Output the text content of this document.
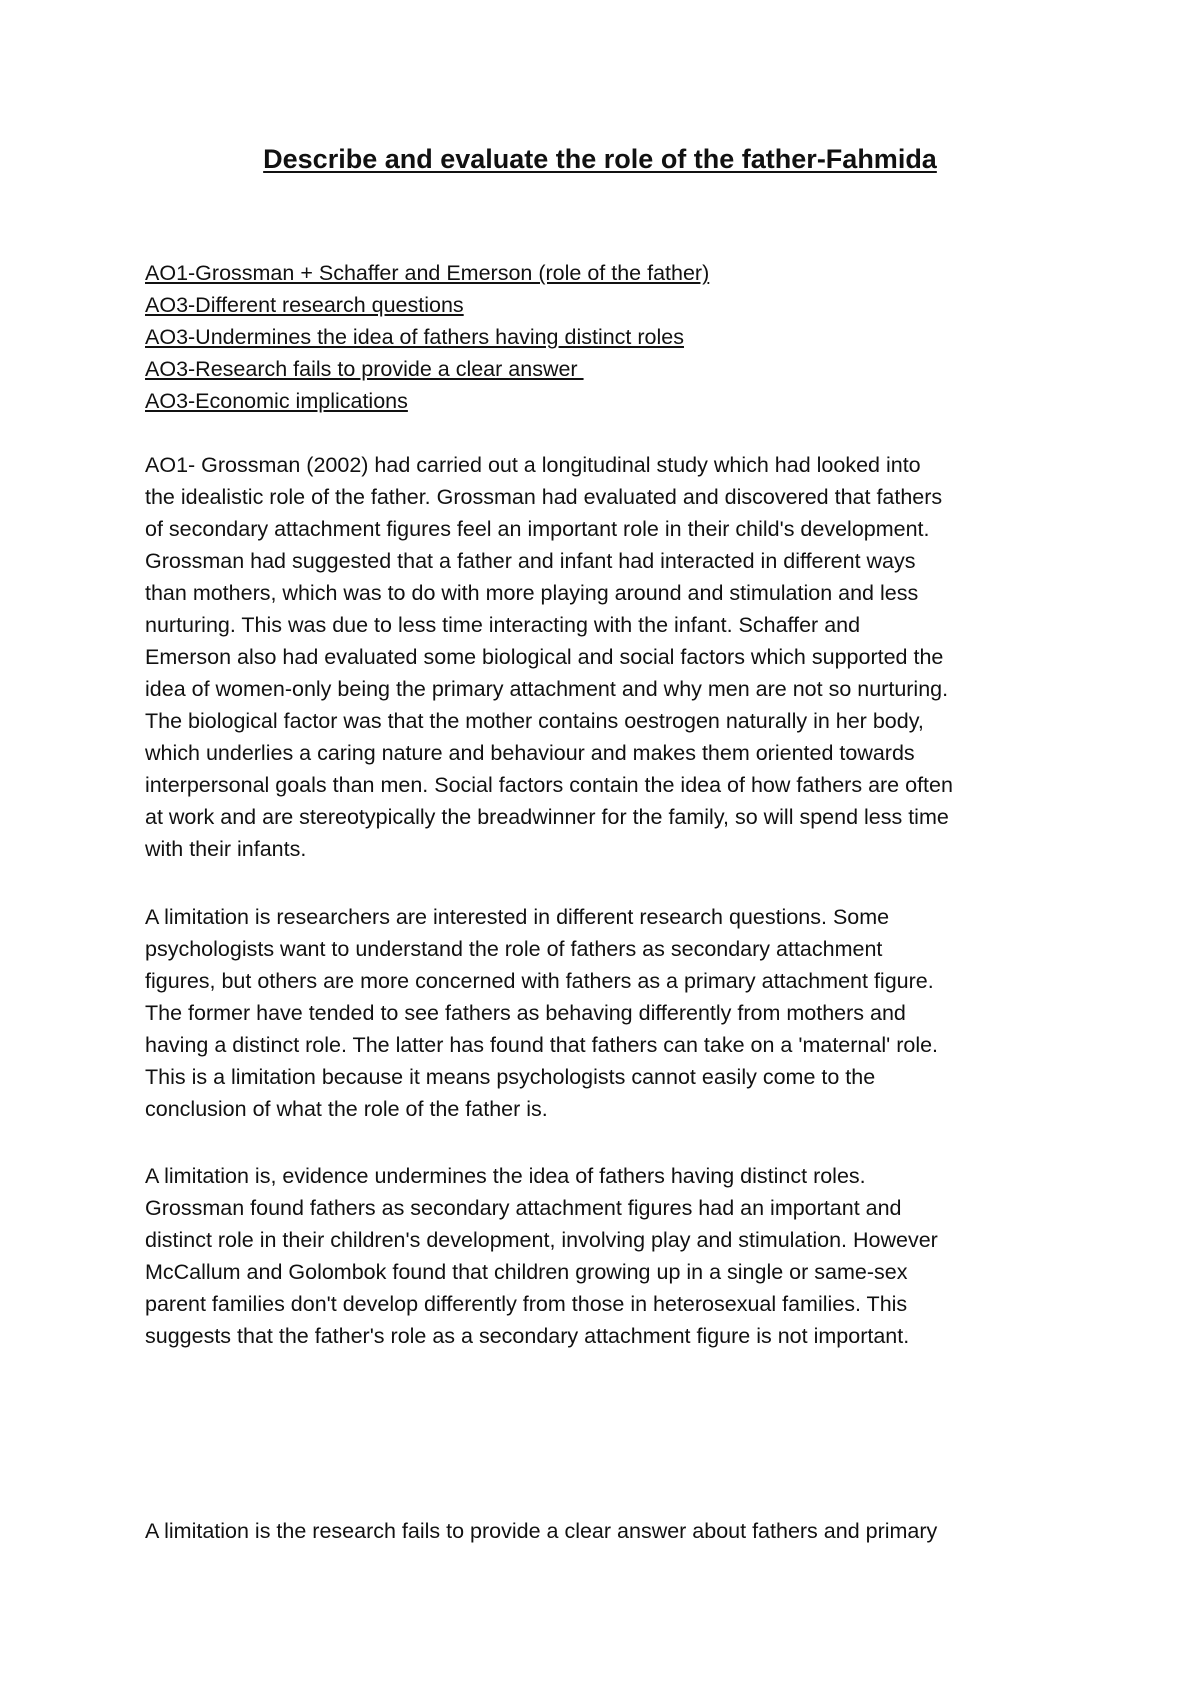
Describe and evaluate the role of the father-Fahmida
AO1-Grossman + Schaffer and Emerson (role of the father)
AO3-Different research questions
AO3-Undermines the idea of fathers having distinct roles
AO3-Research fails to provide a clear answer
AO3-Economic implications

AO1- Grossman (2002) had carried out a longitudinal study which had looked into
the idealistic role of the father. Grossman had evaluated and discovered that fathers
of secondary attachment figures feel an important role in their child's development.
Grossman had suggested that a father and infant had interacted in different ways
than mothers, which was to do with more playing around and stimulation and less
nurturing. This was due to less time interacting with the infant. Schaffer and
Emerson also had evaluated some biological and social factors which supported the
idea of women-only being the primary attachment and why men are not so nurturing.
The biological factor was that the mother contains oestrogen naturally in her body,
which underlies a caring nature and behaviour and makes them oriented towards
interpersonal goals than men. Social factors contain the idea of how fathers are often
at work and are stereotypically the breadwinner for the family, so will spend less time
with their infants.

A limitation is researchers are interested in different research questions. Some
psychologists want to understand the role of fathers as secondary attachment
figures, but others are more concerned with fathers as a primary attachment figure.
The former have tended to see fathers as behaving differently from mothers and
having a distinct role. The latter has found that fathers can take on a 'maternal' role.
This is a limitation because it means psychologists cannot easily come to the
conclusion of what the role of the father is.

A limitation is, evidence undermines the idea of fathers having distinct roles.
Grossman found fathers as secondary attachment figures had an important and
distinct role in their children's development, involving play and stimulation. However
McCallum and Golombok found that children growing up in a single or same-sex
parent families don't develop differently from those in heterosexual families. This
suggests that the father's role as a secondary attachment figure is not important.

A limitation is the research fails to provide a clear answer about fathers and primary
